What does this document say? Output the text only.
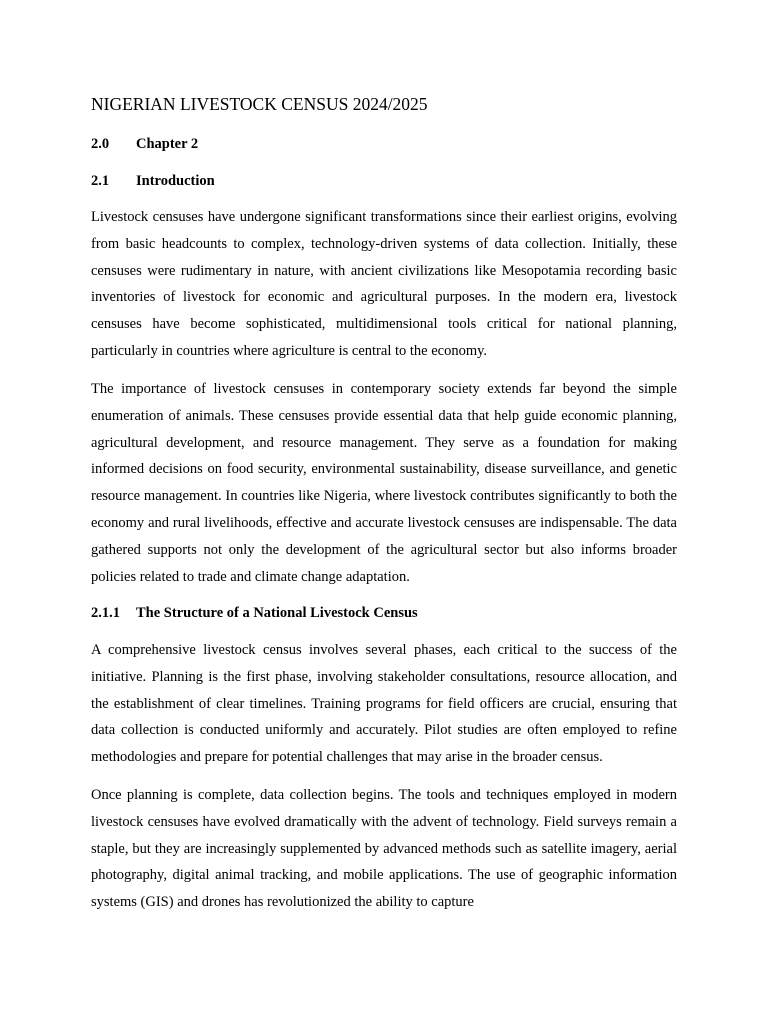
NIGERIAN LIVESTOCK CENSUS 2024/2025
2.0 Chapter 2
2.1 Introduction

Livestock censuses have undergone significant transformations since their earliest origins, evolving from basic headcounts to complex, technology-driven systems of data collection. Initially, these censuses were rudimentary in nature, with ancient civilizations like Mesopotamia recording basic inventories of livestock for economic and agricultural purposes. In the modern era, livestock censuses have become sophisticated, multidimensional tools critical for national planning, particularly in countries where agriculture is central to the economy.

The importance of livestock censuses in contemporary society extends far beyond the simple enumeration of animals. These censuses provide essential data that help guide economic planning, agricultural development, and resource management. They serve as a foundation for making informed decisions on food security, environmental sustainability, disease surveillance, and genetic resource management. In countries like Nigeria, where livestock contributes significantly to both the economy and rural livelihoods, effective and accurate livestock censuses are indispensable. The data gathered supports not only the development of the agricultural sector but also informs broader policies related to trade and climate change adaptation.

2.1.1 The Structure of a National Livestock Census

A comprehensive livestock census involves several phases, each critical to the success of the initiative. Planning is the first phase, involving stakeholder consultations, resource allocation, and the establishment of clear timelines. Training programs for field officers are crucial, ensuring that data collection is conducted uniformly and accurately. Pilot studies are often employed to refine methodologies and prepare for potential challenges that may arise in the broader census.

Once planning is complete, data collection begins. The tools and techniques employed in modern livestock censuses have evolved dramatically with the advent of technology. Field surveys remain a staple, but they are increasingly supplemented by advanced methods such as satellite imagery, aerial photography, digital animal tracking, and mobile applications. The use of geographic information systems (GIS) and drones has revolutionized the ability to capture
